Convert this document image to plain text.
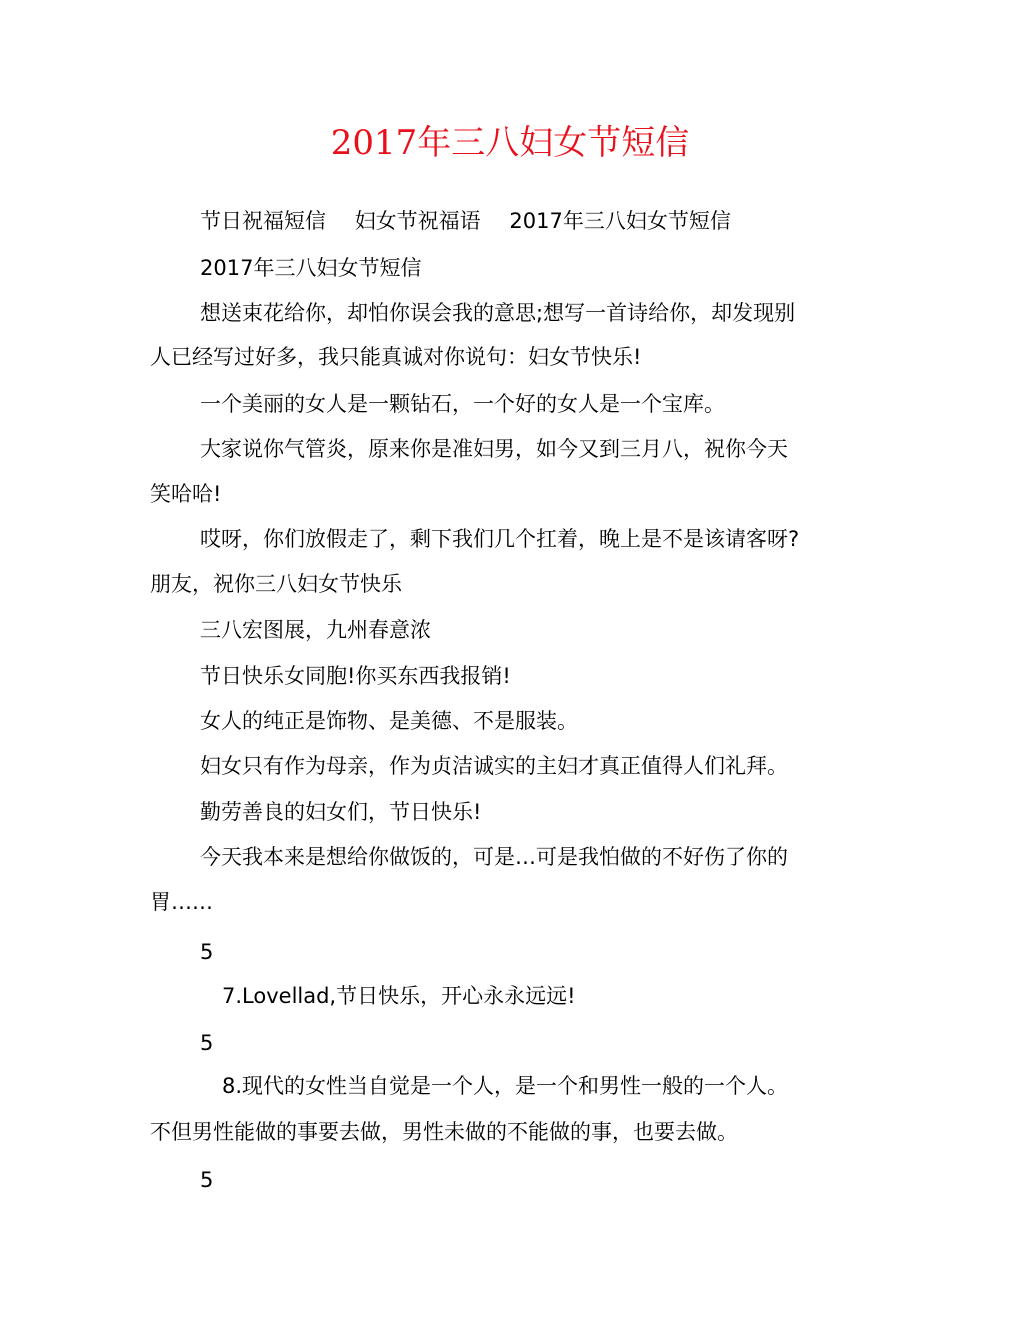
2017年三八妇女节短信
节日祝福短信 妇女节祝福语 2017年三八妇女节短信
2017年三八妇女节短信
想送束花给你，却怕你误会我的意思;想写一首诗给你，却发现别
人已经写过好多，我只能真诚对你说句：妇女节快乐!
一个美丽的女人是一颗钻石，一个好的女人是一个宝库。
大家说你气管炎，原来你是准妇男，如今又到三月八，祝你今天
笑哈哈!
哎呀，你们放假走了，剩下我们几个扛着，晚上是不是该请客呀?
朋友，祝你三八妇女节快乐
三八宏图展，九州春意浓
节日快乐女同胞!你买东西我报销!
女人的纯正是饰物、是美德、不是服装。
妇女只有作为母亲，作为贞洁诚实的主妇才真正值得人们礼拜。
勤劳善良的妇女们，节日快乐!
今天我本来是想给你做饭的，可是…可是我怕做的不好伤了你的
胃……
5
7.Lovellad,节日快乐，开心永永远远!
5
8.现代的女性当自觉是一个人，是一个和男性一般的一个人。
不但男性能做的事要去做，男性未做的不能做的事，也要去做。
5
